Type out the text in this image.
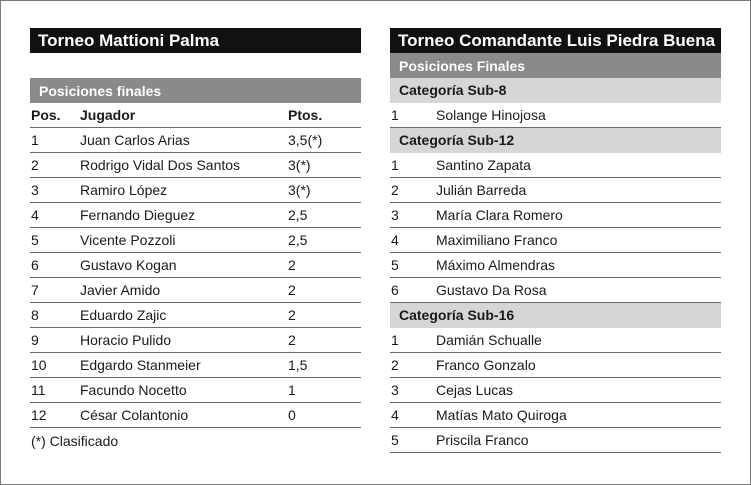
Torneo Mattioni Palma
Posiciones finales
Pos.	Jugador	Ptos.
1	Juan Carlos Arias	3,5(*)
2	Rodrigo Vidal Dos Santos	3(*)
3	Ramiro López	3(*)
4	Fernando Dieguez	2,5
5	Vicente Pozzoli	2,5
6	Gustavo Kogan	2
7	Javier Amido	2
8	Eduardo Zajic	2
9	Horacio Pulido	2
10	Edgardo Stanmeier	1,5
11	Facundo Nocetto	1
12	César Colantonio	0
(*) Clasificado
Torneo Comandante Luis Piedra Buena
Posiciones Finales
Categoría Sub-8
1	Solange Hinojosa
Categoría Sub-12
1	Santino Zapata
2	Julián Barreda
3	María Clara Romero
4	Maximiliano Franco
5	Máximo Almendras
6	Gustavo Da Rosa
Categoría Sub-16
1	Damián Schualle
2	Franco Gonzalo
3	Cejas Lucas
4	Matías Mato Quiroga
5	Priscila Franco
